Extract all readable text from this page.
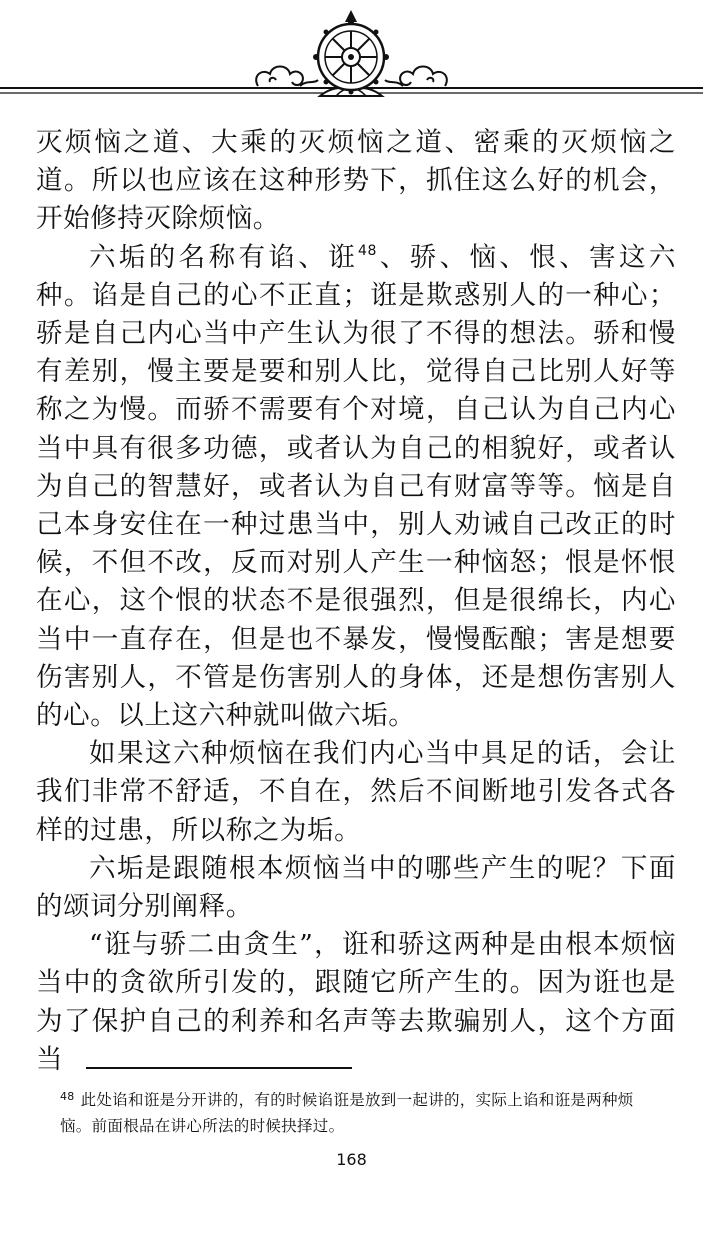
灭烦恼之道、大乘的灭烦恼之道、密乘的灭烦恼之道。所以也应该在这种形势下，抓住这么好的机会，开始修持灭除烦恼。

六垢的名称有谄、诳$^{48}$、骄、恼、恨、害这六种。谄是自己的心不正直；诳是欺惑别人的一种心；骄是自己内心当中产生认为很了不得的想法。骄和慢有差别，慢主要是要和别人比，觉得自己比别人好等称之为慢。而骄不需要有个对境，自己认为自己内心当中具有很多功德，或者认为自己的相貌好，或者认为自己的智慧好，或者认为自己有财富等等。恼是自己本身安住在一种过患当中，别人劝诫自己改正的时候，不但不改，反而对别人产生一种恼怒；恨是怀恨在心，这个恨的状态不是很强烈，但是很绵长，内心当中一直存在，但是也不暴发，慢慢酝酿；害是想要伤害别人，不管是伤害别人的身体，还是想伤害别人的心。以上这六种就叫做六垢。

如果这六种烦恼在我们内心当中具足的话，会让我们非常不舒适，不自在，然后不间断地引发各式各样的过患，所以称之为垢。

六垢是跟随根本烦恼当中的哪些产生的呢？下面的颂词分别阐释。

“诳与骄二由贪生”，诳和骄这两种是由根本烦恼当中的贪欲所引发的，跟随它所产生的。因为诳也是为了保护自己的利养和名声等去欺骗别人，这个方面当

$^{48}$ 此处谄和诳是分开讲的，有的时候谄诳是放到一起讲的，实际上谄和诳是两种烦恼。前面根品在讲心所法的时候抉择过。
168
